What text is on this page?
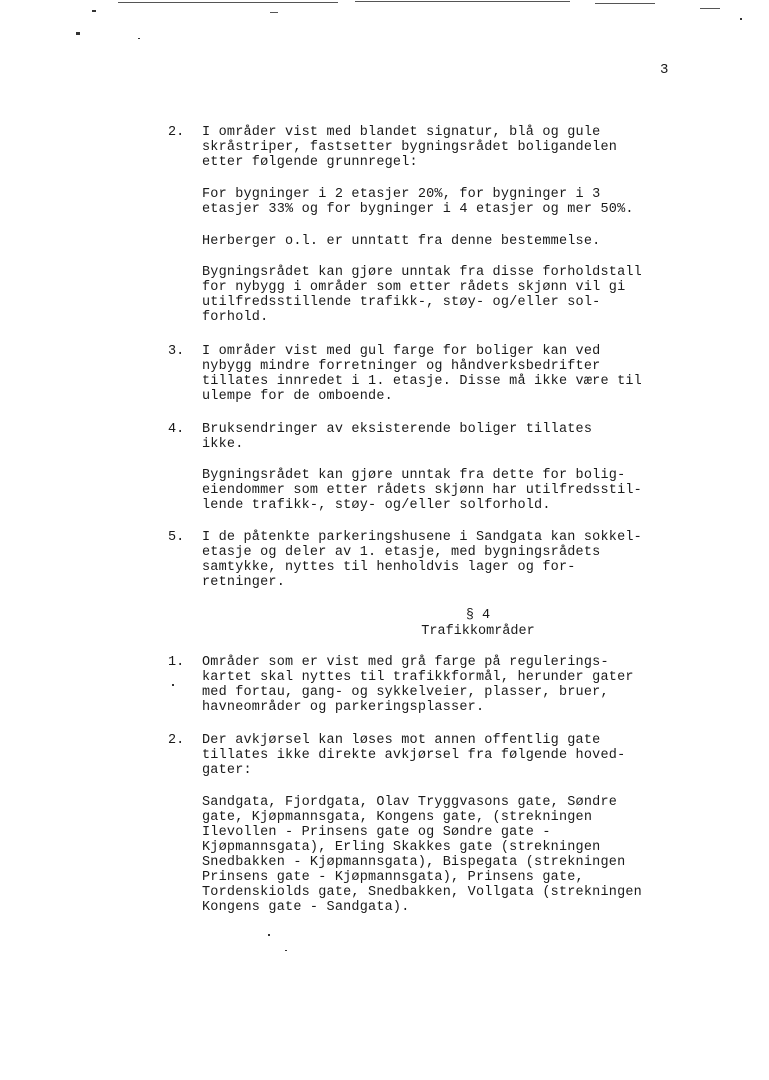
3
2. I områder vist med blandet signatur, blå og gule
skråstriper, fastsetter bygningsrådet boligandelen
etter følgende grunnregel:
For bygninger i 2 etasjer 20%, for bygninger i 3
etasjer 33% og for bygninger i 4 etasjer og mer 50%.
Herberger o.l. er unntatt fra denne bestemmelse.
Bygningsrådet kan gjøre unntak fra disse forholdstall
for nybygg i områder som etter rådets skjønn vil gi
utilfredsstillende trafikk-, støy- og/eller sol-
forhold.
3. I områder vist med gul farge for boliger kan ved
nybygg mindre forretninger og håndverksbedrifter
tillates innredet i 1. etasje. Disse må ikke være til
ulempe for de omboende.
4. Bruksendringer av eksisterende boliger tillates
ikke.
Bygningsrådet kan gjøre unntak fra dette for bolig-
eiendommer som etter rådets skjønn har utilfredsstil-
lende trafikk-, støy- og/eller solforhold.
5. I de påtenkte parkeringshusene i Sandgata kan sokkel-
etasje og deler av 1. etasje, med bygningsrådets
samtykke, nyttes til henholdvis lager og for-
retninger.
§ 4
Trafikkområder
1. Områder som er vist med grå farge på regulerings-
kartet skal nyttes til trafikkformål, herunder gater
med fortau, gang- og sykkelveier, plasser, bruer,
havneområder og parkeringsplasser.
2. Der avkjørsel kan løses mot annen offentlig gate
tillates ikke direkte avkjørsel fra følgende hoved-
gater:
Sandgata, Fjordgata, Olav Tryggvasons gate, Søndre
gate, Kjøpmannsgata, Kongens gate, (strekningen
Ilevollen - Prinsens gate og Søndre gate -
Kjøpmannsgata), Erling Skakkes gate (strekningen
Snedbakken - Kjøpmannsgata), Bispegata (strekningen
Prinsens gate - Kjøpmannsgata), Prinsens gate,
Tordenskiolds gate, Snedbakken, Vollgata (strekningen
Kongens gate - Sandgata).
